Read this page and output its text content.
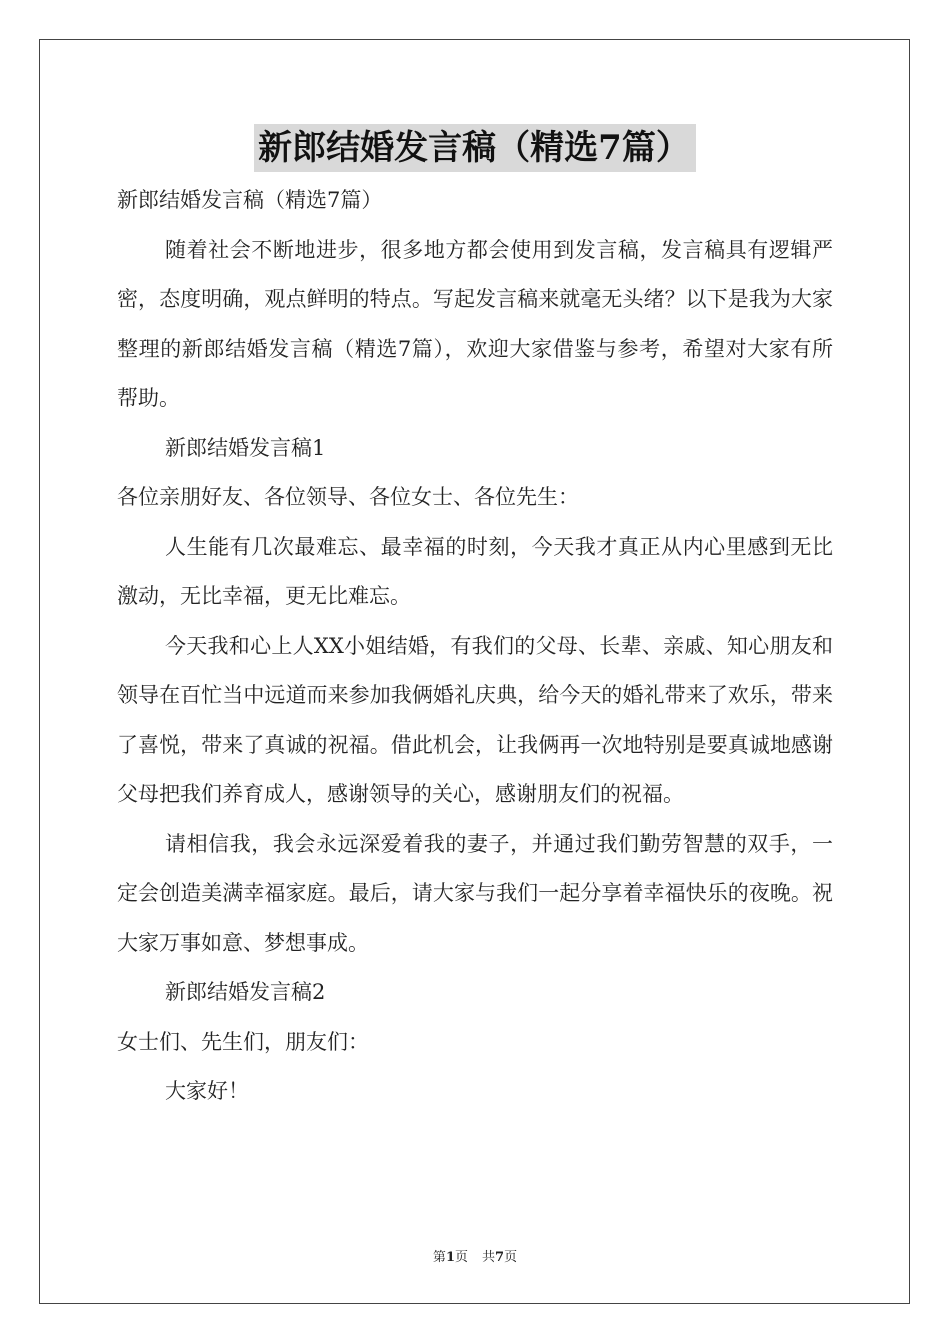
新郎结婚发言稿（精选7篇）

新郎结婚发言稿（精选7篇）

随着社会不断地进步，很多地方都会使用到发言稿，发言稿具有逻辑严密，态度明确，观点鲜明的特点。写起发言稿来就毫无头绪？以下是我为大家整理的新郎结婚发言稿（精选7篇），欢迎大家借鉴与参考，希望对大家有所帮助。

新郎结婚发言稿1

各位亲朋好友、各位领导、各位女士、各位先生：

人生能有几次最难忘、最幸福的时刻，今天我才真正从内心里感到无比激动，无比幸福，更无比难忘。

今天我和心上人XX小姐结婚，有我们的父母、长辈、亲戚、知心朋友和领导在百忙当中远道而来参加我俩婚礼庆典，给今天的婚礼带来了欢乐，带来了喜悦，带来了真诚的祝福。借此机会，让我俩再一次地特别是要真诚地感谢父母把我们养育成人，感谢领导的关心，感谢朋友们的祝福。

请相信我，我会永远深爱着我的妻子，并通过我们勤劳智慧的双手，一定会创造美满幸福家庭。最后，请大家与我们一起分享着幸福快乐的夜晚。祝大家万事如意、梦想事成。

新郎结婚发言稿2

女士们、先生们，朋友们：

大家好！

第1页 共7页
